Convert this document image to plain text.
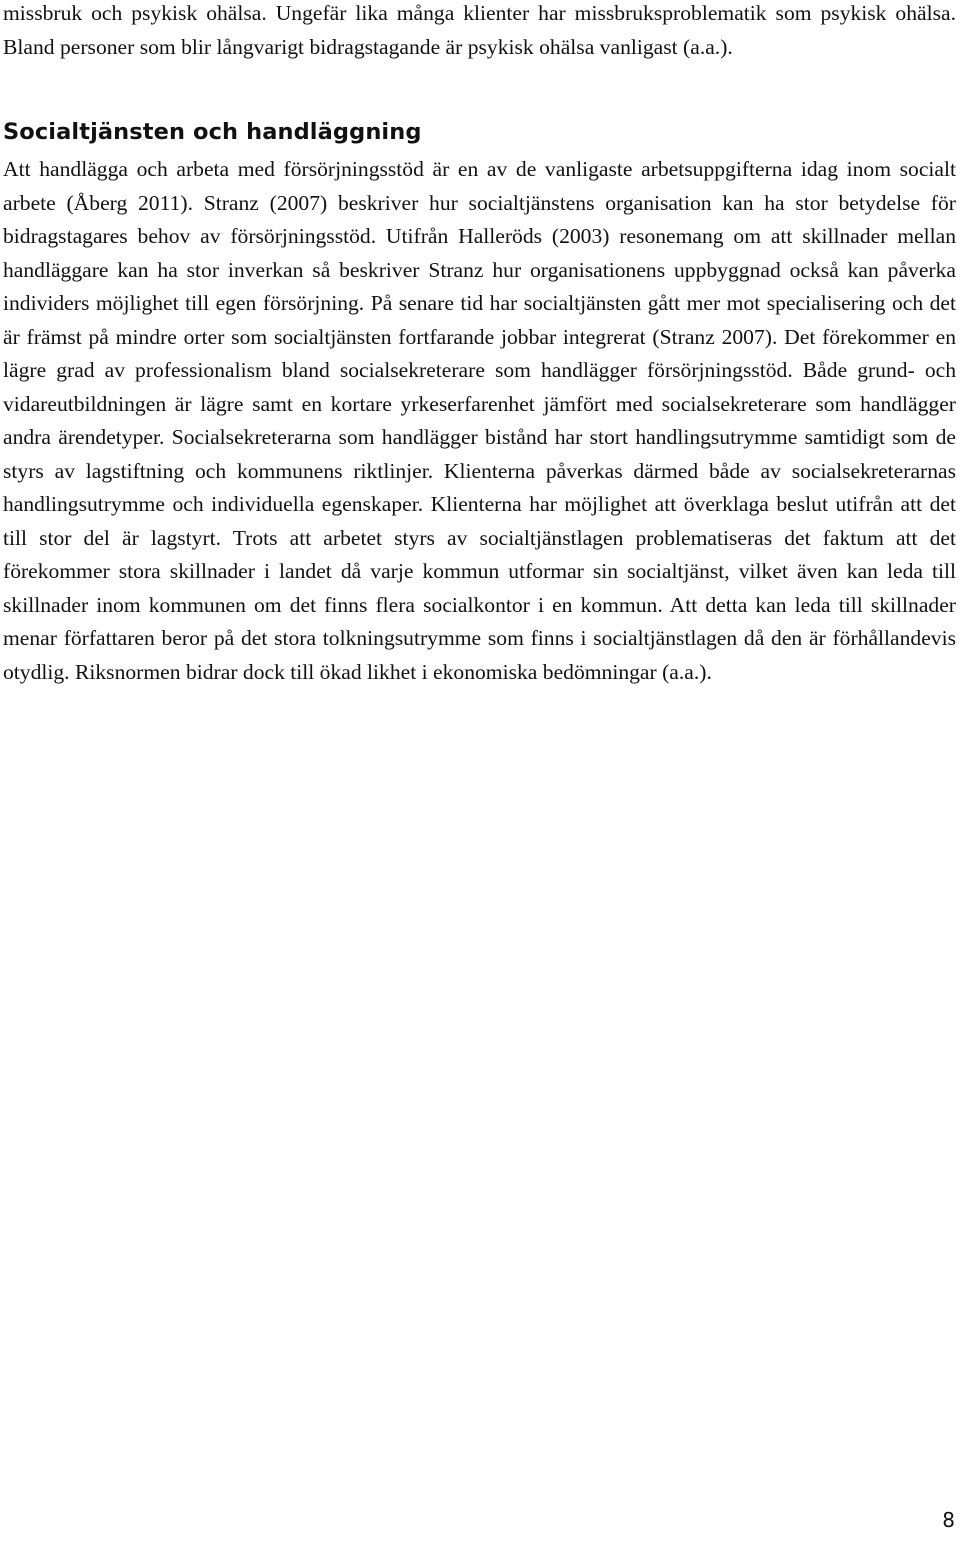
missbruk och psykisk ohälsa. Ungefär lika många klienter har missbruksproblematik som psykisk ohälsa. Bland personer som blir långvarigt bidragstagande är psykisk ohälsa vanligast (a.a.).

Socialtjänsten och handläggning

Att handlägga och arbeta med försörjningsstöd är en av de vanligaste arbetsuppgifterna idag inom socialt arbete (Åberg 2011). Stranz (2007) beskriver hur socialtjänstens organisation kan ha stor betydelse för bidragstagares behov av försörjningsstöd. Utifrån Halleröds (2003) resonemang om att skillnader mellan handläggare kan ha stor inverkan så beskriver Stranz hur organisationens uppbyggnad också kan påverka individers möjlighet till egen försörjning. På senare tid har socialtjänsten gått mer mot specialisering och det är främst på mindre orter som socialtjänsten fortfarande jobbar integrerat (Stranz 2007). Det förekommer en lägre grad av professionalism bland socialsekreterare som handlägger försörjningsstöd. Både grund- och vidareutbildningen är lägre samt en kortare yrkeserfarenhet jämfört med socialsekreterare som handlägger andra ärendetyper. Socialsekreterarna som handlägger bistånd har stort handlingsutrymme samtidigt som de styrs av lagstiftning och kommunens riktlinjer. Klienterna påverkas därmed både av socialsekreterarnas handlingsutrymme och individuella egenskaper. Klienterna har möjlighet att överklaga beslut utifrån att det till stor del är lagstyrt. Trots att arbetet styrs av socialtjänstlagen problematiseras det faktum att det förekommer stora skillnader i landet då varje kommun utformar sin socialtjänst, vilket även kan leda till skillnader inom kommunen om det finns flera socialkontor i en kommun. Att detta kan leda till skillnader menar författaren beror på det stora tolkningsutrymme som finns i socialtjänstlagen då den är förhållandevis otydlig. Riksnormen bidrar dock till ökad likhet i ekonomiska bedömningar (a.a.).

8
